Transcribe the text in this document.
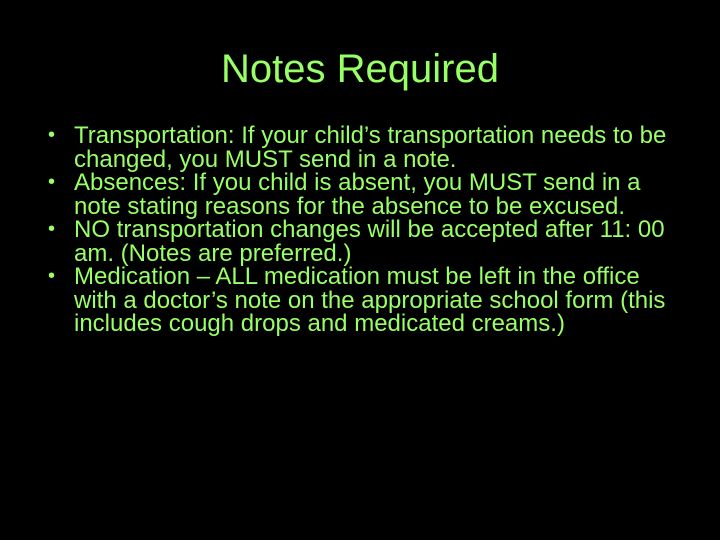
Notes Required
• Transportation: If your child’s transportation needs to be changed, you MUST send in a note.
• Absences: If you child is absent, you MUST send in a note stating reasons for the absence to be excused.
• NO transportation changes will be accepted after 11: 00 am. (Notes are preferred.)
• Medication – ALL medication must be left in the office with a doctor’s note on the appropriate school form (this includes cough drops and medicated creams.)
